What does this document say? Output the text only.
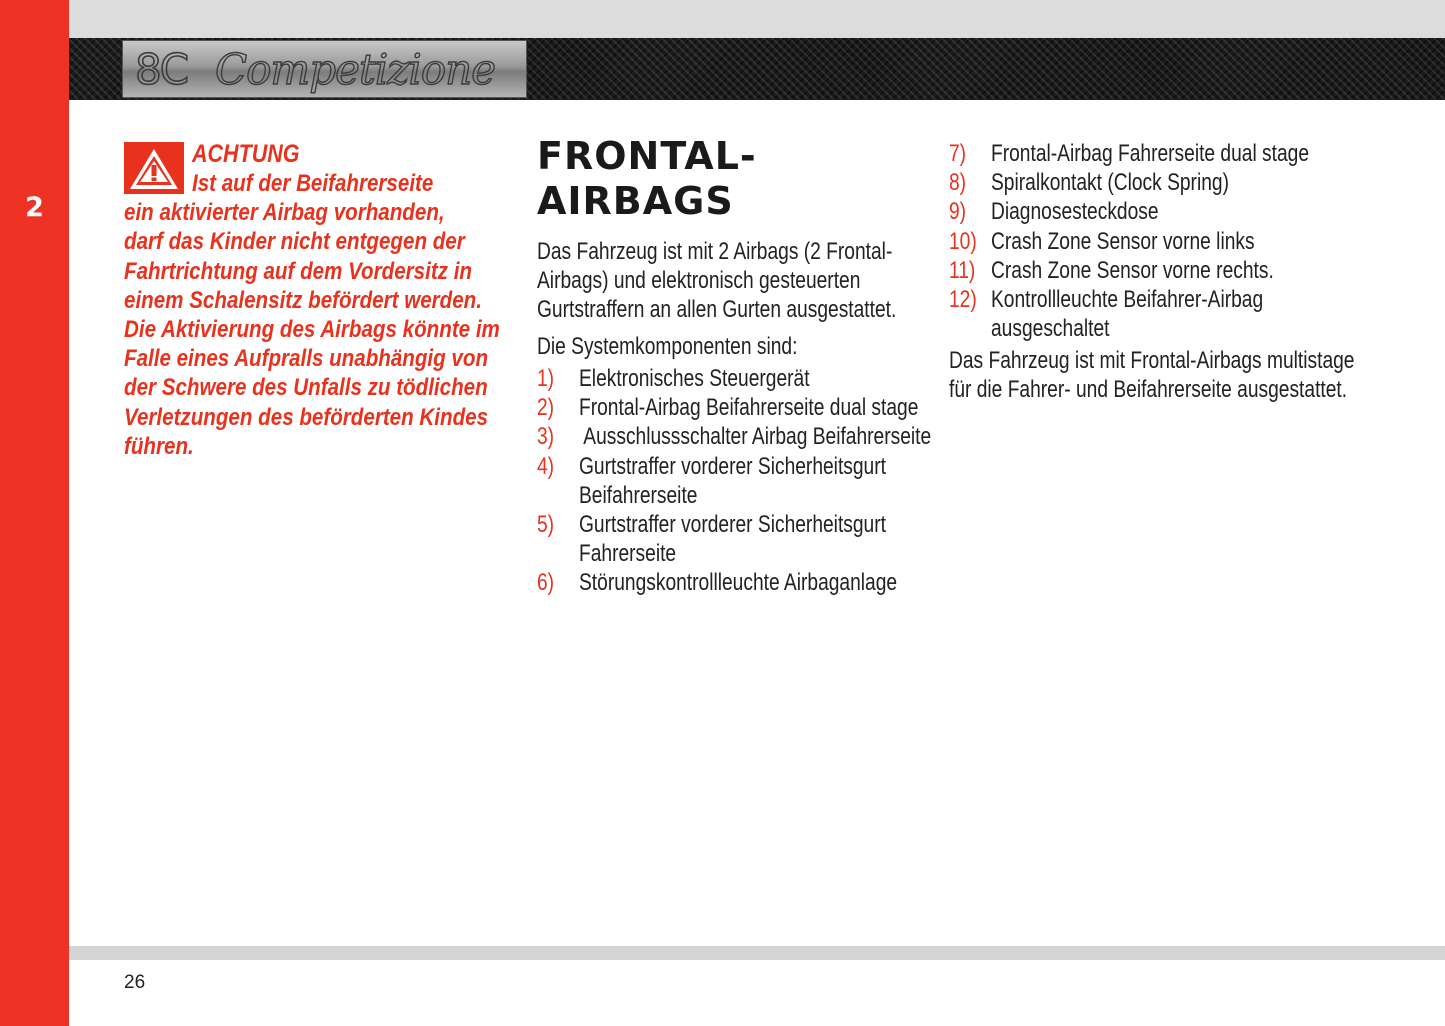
2
8C Competizione
ACHTUNG
Ist auf der Beifahrerseite
ein aktivierter Airbag vorhanden,
darf das Kinder nicht entgegen der
Fahrtrichtung auf dem Vordersitz in
einem Schalensitz befördert werden.
Die Aktivierung des Airbags könnte im
Falle eines Aufpralls unabhängig von
der Schwere des Unfalls zu tödlichen
Verletzungen des beförderten Kindes
führen.
FRONTAL-
AIRBAGS
Das Fahrzeug ist mit 2 Airbags (2 Frontal-
Airbags) und elektronisch gesteuerten
Gurtstraffern an allen Gurten ausgestattet.
Die Systemkomponenten sind:
1) Elektronisches Steuergerät
2) Frontal-Airbag Beifahrerseite dual stage
3) Ausschlussschalter Airbag Beifahrerseite
4) Gurtstraffer vorderer Sicherheitsgurt
Beifahrerseite
5) Gurtstraffer vorderer Sicherheitsgurt
Fahrerseite
6) Störungskontrollleuchte Airbaganlage
7) Frontal-Airbag Fahrerseite dual stage
8) Spiralkontakt (Clock Spring)
9) Diagnosesteckdose
10) Crash Zone Sensor vorne links
11) Crash Zone Sensor vorne rechts.
12) Kontrollleuchte Beifahrer-Airbag
ausgeschaltet
Das Fahrzeug ist mit Frontal-Airbags multistage
für die Fahrer- und Beifahrerseite ausgestattet.
26
